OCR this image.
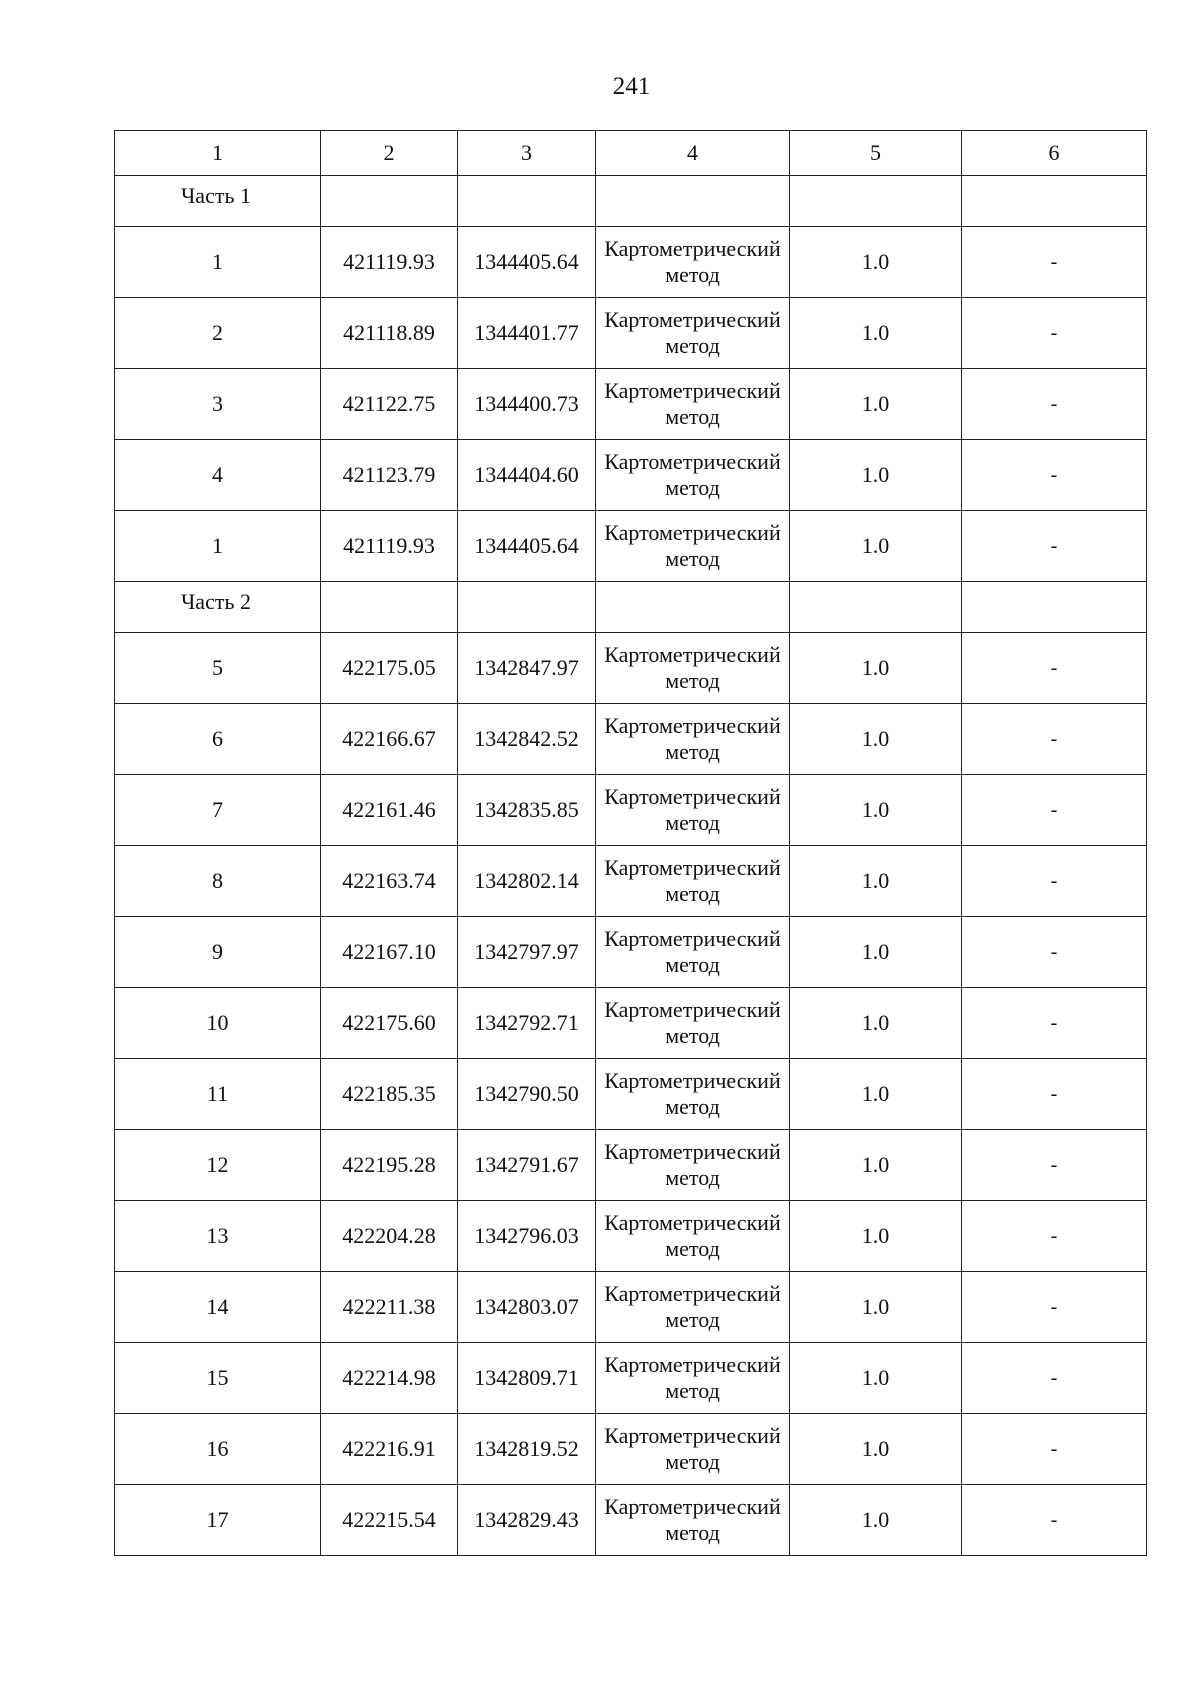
241
1	2	3	4	5	6
Часть 1					
1	421119.93	1344405.64	Картометрический
метод	1.0	-
2	421118.89	1344401.77	Картометрический
метод	1.0	-
3	421122.75	1344400.73	Картометрический
метод	1.0	-
4	421123.79	1344404.60	Картометрический
метод	1.0	-
1	421119.93	1344405.64	Картометрический
метод	1.0	-
Часть 2					
5	422175.05	1342847.97	Картометрический
метод	1.0	-
6	422166.67	1342842.52	Картометрический
метод	1.0	-
7	422161.46	1342835.85	Картометрический
метод	1.0	-
8	422163.74	1342802.14	Картометрический
метод	1.0	-
9	422167.10	1342797.97	Картометрический
метод	1.0	-
10	422175.60	1342792.71	Картометрический
метод	1.0	-
11	422185.35	1342790.50	Картометрический
метод	1.0	-
12	422195.28	1342791.67	Картометрический
метод	1.0	-
13	422204.28	1342796.03	Картометрический
метод	1.0	-
14	422211.38	1342803.07	Картометрический
метод	1.0	-
15	422214.98	1342809.71	Картометрический
метод	1.0	-
16	422216.91	1342819.52	Картометрический
метод	1.0	-
17	422215.54	1342829.43	Картометрический
метод	1.0	-
